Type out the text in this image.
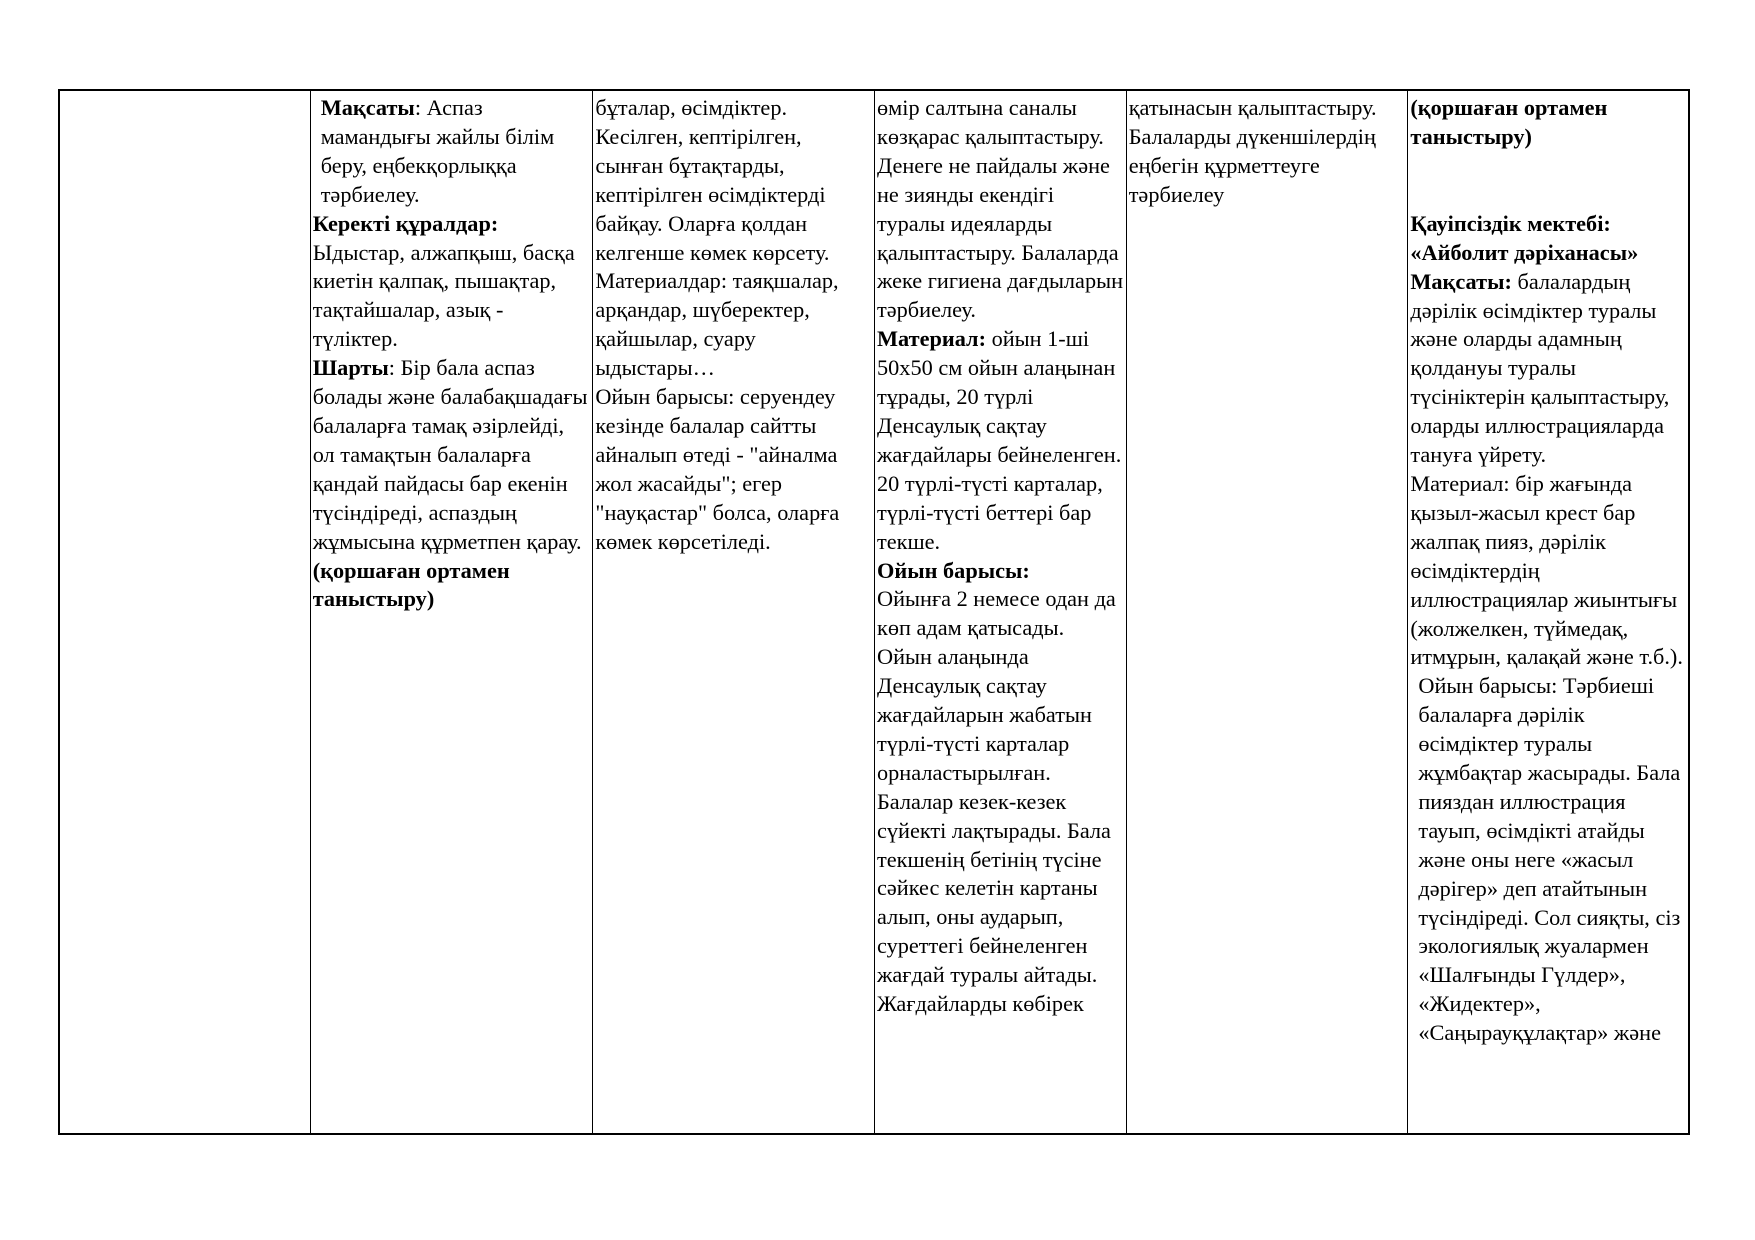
Мақсаты: Аспаз мамандығы жайлы білім беру, еңбекқорлыққа тәрбиелеу.

Керекті құралдар:
Ыдыстар, алжапқыш, басқа киетін қалпақ, пышақтар, тақтайшалар, азық -түліктер.

Шарты: Бір бала аспаз болады және балабақшадағы балаларға тамақ әзірлейді, ол тамақтын балаларға қандай пайдасы бар екенін түсіндіреді, аспаздың жұмысына құрметпен қарау.(қоршаған ортамен таныстыру)

бұталар, өсімдіктер. Кесілген, кептірілген, сынған бұтақтарды, кептірілген өсімдіктерді байқау. Оларға қолдан келгенше көмек көрсету.

Материалдар: таяқшалар, арқандар, шүберектер, қайшылар, суару ыдыстары…

Ойын барысы: серуендеу кезінде балалар сайтты айналып өтеді - "айналма жол жасайды"; егер "науқастар" болса, оларға көмек көрсетіледі.

өмір салтына саналы көзқарас қалыптастыру. Денеге не пайдалы және не зиянды екендігі туралы идеяларды қалыптастыру. Балаларда жеке гигиена дағдыларын тәрбиелеу.

Материал: ойын 1-ші 50х50 см ойын алаңынан тұрады, 20 түрлі Денсаулық сақтау жағдайлары бейнеленген. 20 түрлі-түсті карталар, түрлі-түсті беттері бар текше.

Ойын барысы:

Ойынға 2 немесе одан да көп адам қатысады. Ойын алаңында Денсаулық сақтау жағдайларын жабатын түрлі-түсті карталар орналастырылған. Балалар кезек-кезек сүйекті лақтырады. Бала текшенің бетінің түсіне сәйкес келетін картаны алып, оны аударып, суреттегі бейнеленген жағдай туралы айтады. Жағдайларды көбірек

қатынасын қалыптастыру. Балаларды дүкеншілердің еңбегін құрметтеуге тәрбиелеу

(қоршаған ортамен таныстыру)

Қауіпсіздік мектебі:

«Айболит дәріханасы»

Мақсаты: балалардың дәрілік өсімдіктер туралы және оларды адамның қолдануы туралы түсініктерін қалыптастыру, оларды иллюстрацияларда тануға үйрету.

Материал: бір жағында қызыл-жасыл крест бар жалпақ пияз, дәрілік өсімдіктердің иллюстрациялар жиынтығы (жолжелкен, түймедақ, итмұрын, қалақай және т.б.).

Ойын барысы: Тәрбиеші балаларға дәрілік өсімдіктер туралы жұмбақтар жасырады. Бала пияздан иллюстрация тауып, өсімдікті атайды және оны неге «жасыл дәрігер» деп атайтынын түсіндіреді. Сол сияқты, сіз экологиялық жуалармен «Шалғынды Гүлдер», «Жидектер», «Саңырауқұлақтар» және
